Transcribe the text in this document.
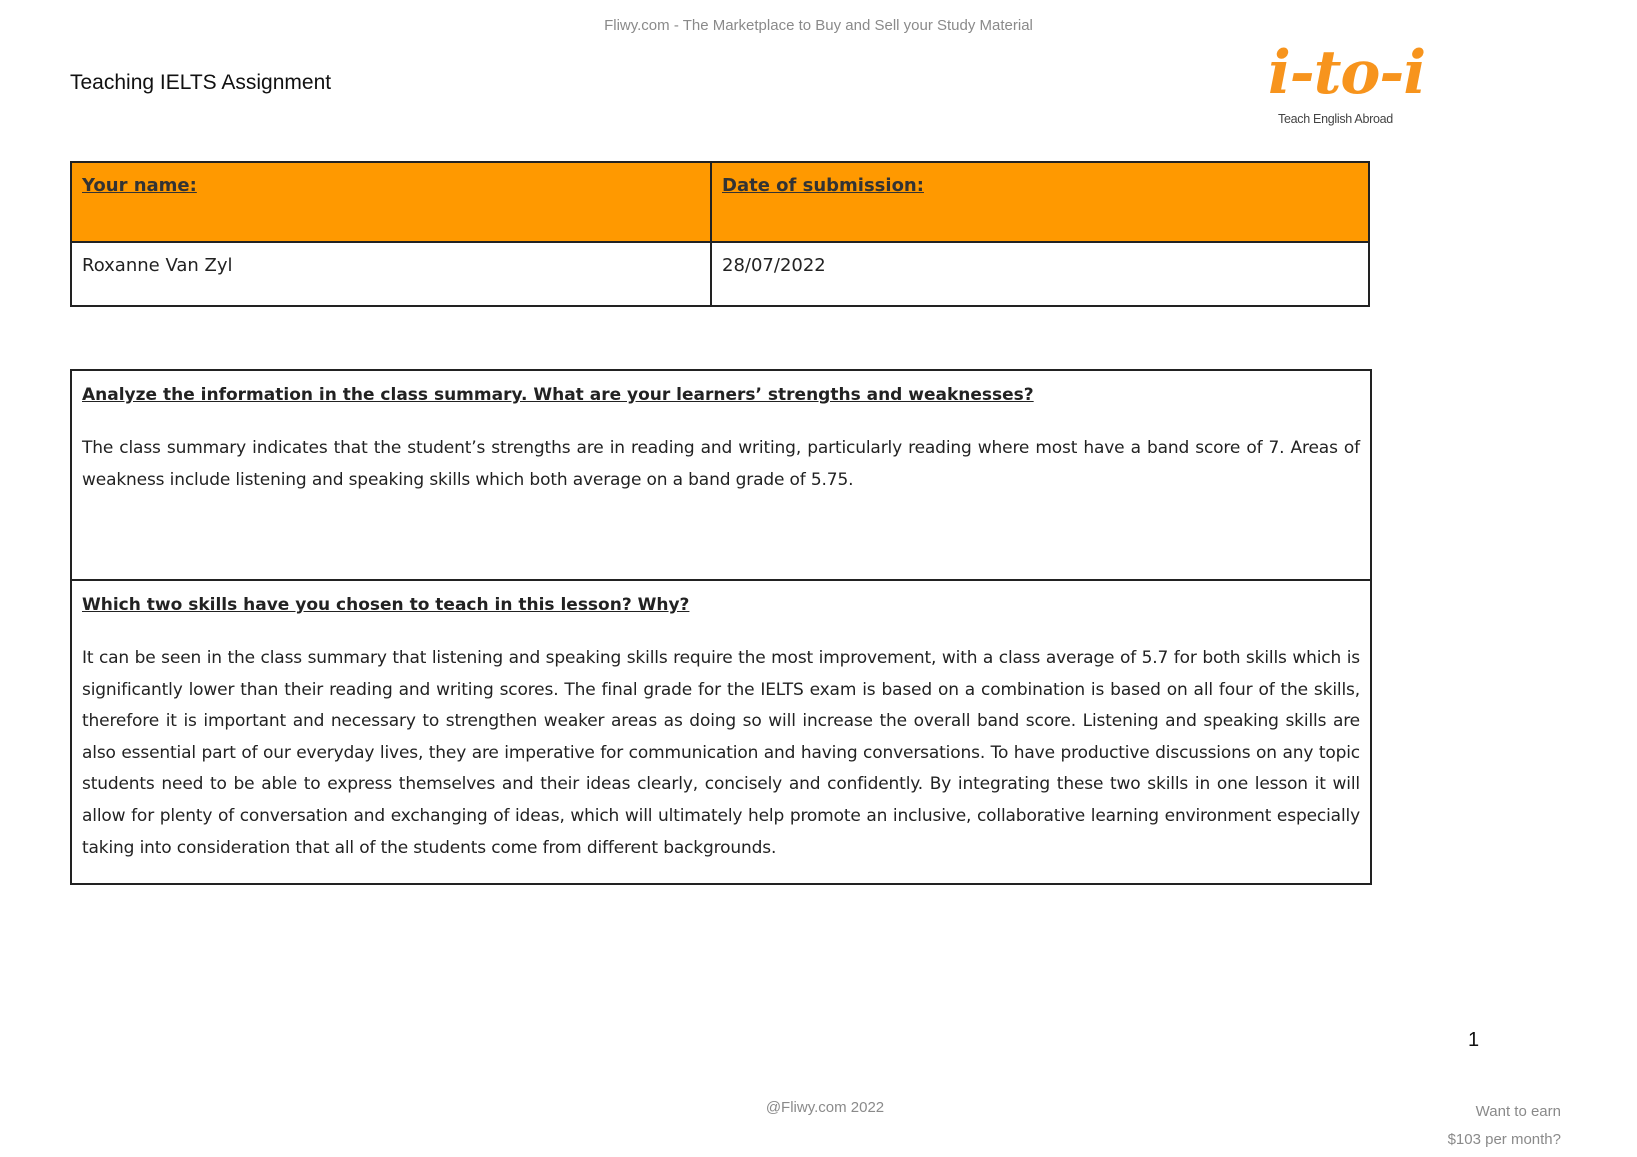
Fliwy.com - The Marketplace to Buy and Sell your Study Material
Teaching IELTS Assignment	i-to-i
Teach English Abroad
Your name:	Date of submission:
Roxanne Van Zyl	28/07/2022
Analyze the information in the class summary. What are your learners’ strengths and weaknesses?

The class summary indicates that the student’s strengths are in reading and writing, particularly reading where most have a band score of 7. Areas of weakness include listening and speaking skills which both average on a band grade of 5.75.

Which two skills have you chosen to teach in this lesson? Why?

It can be seen in the class summary that listening and speaking skills require the most improvement, with a class average of 5.7 for both skills which is significantly lower than their reading and writing scores. The final grade for the IELTS exam is based on a combination is based on all four of the skills, therefore it is important and necessary to strengthen weaker areas as doing so will increase the overall band score. Listening and speaking skills are also essential part of our everyday lives, they are imperative for communication and having conversations. To have productive discussions on any topic students need to be able to express themselves and their ideas clearly, concisely and confidently. By integrating these two skills in one lesson it will allow for plenty of conversation and exchanging of ideas, which will ultimately help promote an inclusive, collaborative learning environment especially taking into consideration that all of the students come from different backgrounds.

1
@Fliwy.com 2022	Want to earn
$103 per month?
